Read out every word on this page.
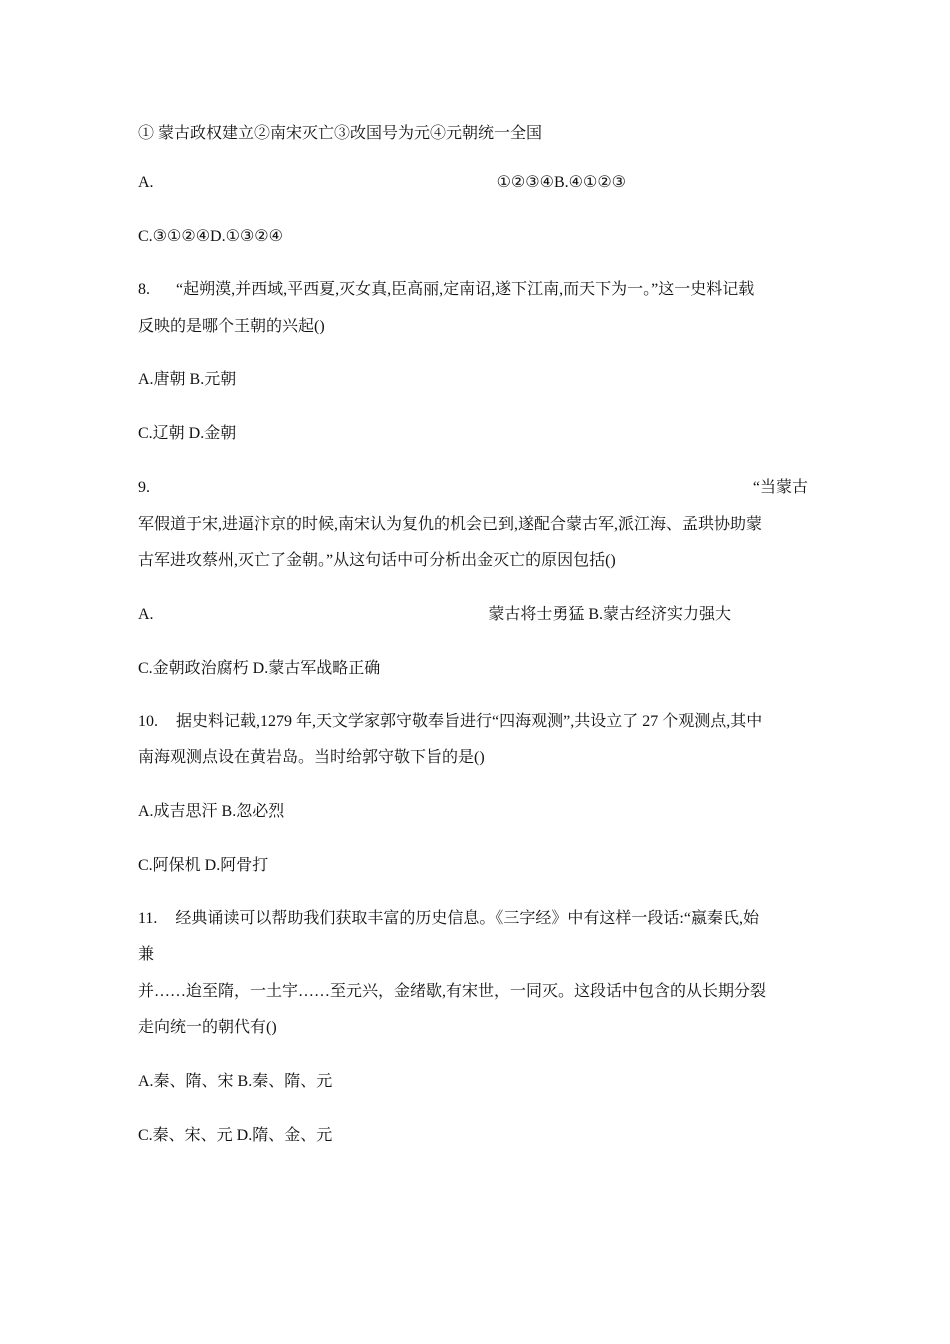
① 蒙古政权建立②南宋灭亡③改国号为元④元朝统一全国
A.	①②③④B.④①②③
C.③①②④D.①③②④
8. “起朔漠,并西域,平西夏,灭女真,臣高丽,定南诏,遂下江南,而天下为一。”这一史料记载
反映的是哪个王朝的兴起()
A.唐朝 B.元朝
C.辽朝 D.金朝
9.	“当蒙古
军假道于宋,进逼汴京的时候,南宋认为复仇的机会已到,遂配合蒙古军,派江海、孟珙协助蒙
古军进攻蔡州,灭亡了金朝。”从这句话中可分析出金灭亡的原因包括()
A.	蒙古将士勇猛 B.蒙古经济实力强大
C.金朝政治腐朽 D.蒙古军战略正确
10. 据史料记载,1279 年,天文学家郭守敬奉旨进行“四海观测”,共设立了 27 个观测点,其中
南海观测点设在黄岩岛。当时给郭守敬下旨的是()
A.成吉思汗 B.忽必烈
C.阿保机 D.阿骨打
11. 经典诵读可以帮助我们获取丰富的历史信息。《三字经》中有这样一段话:“嬴秦氏,始
兼
并……迨至隋，一土宇……至元兴，金绪歇,有宋世，一同灭。这段话中包含的从长期分裂
走向统一的朝代有()
A.秦、隋、宋 B.秦、隋、元
C.秦、宋、元 D.隋、金、元
